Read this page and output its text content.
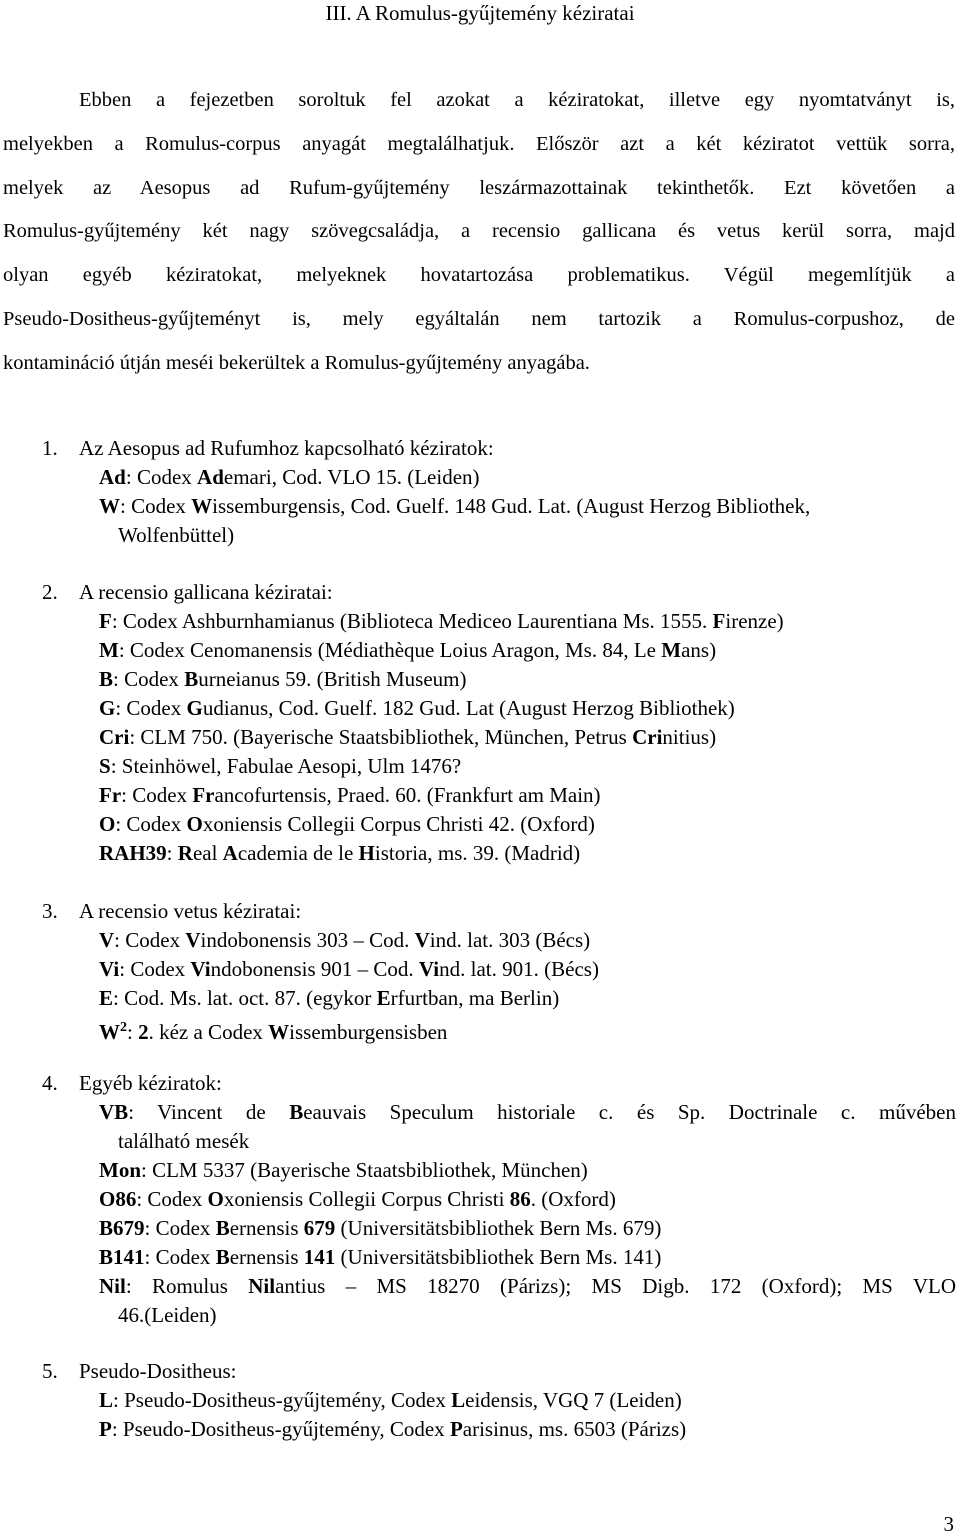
III. A Romulus-gyűjtemény kéziratai
Ebben a fejezetben soroltuk fel azokat a kéziratokat, illetve egy nyomtatványt is,
melyekben a Romulus-corpus anyagát megtalálhatjuk. Először azt a két kéziratot vettük sorra,
melyek az Aesopus ad Rufum-gyűjtemény leszármazottainak tekinthetők. Ezt követően a
Romulus-gyűjtemény két nagy szövegcsaládja, a recensio gallicana és vetus kerül sorra, majd
olyan egyéb kéziratokat, melyeknek hovatartozása problematikus. Végül megemlítjük a
Pseudo-Dositheus-gyűjteményt is, mely egyáltalán nem tartozik a Romulus-corpushoz, de
kontamináció útján meséi bekerültek a Romulus-gyűjtemény anyagába.
1. Az Aesopus ad Rufumhoz kapcsolható kéziratok:
Ad: Codex Ademari, Cod. VLO 15. (Leiden)
W: Codex Wissemburgensis, Cod. Guelf. 148 Gud. Lat. (August Herzog Bibliothek,
Wolfenbüttel)
2. A recensio gallicana kéziratai:
F: Codex Ashburnhamianus (Biblioteca Mediceo Laurentiana Ms. 1555. Firenze)
M: Codex Cenomanensis (Médiathèque Loius Aragon, Ms. 84, Le Mans)
B: Codex Burneianus 59. (British Museum)
G: Codex Gudianus, Cod. Guelf. 182 Gud. Lat (August Herzog Bibliothek)
Cri: CLM 750. (Bayerische Staatsbibliothek, München, Petrus Crinitius)
S: Steinhöwel, Fabulae Aesopi, Ulm 1476?
Fr: Codex Francofurtensis, Praed. 60. (Frankfurt am Main)
O: Codex Oxoniensis Collegii Corpus Christi 42. (Oxford)
RAH39: Real Academia de le Historia, ms. 39. (Madrid)
3. A recensio vetus kéziratai:
V: Codex Vindobonensis 303 – Cod. Vind. lat. 303 (Bécs)
Vi: Codex Vindobonensis 901 – Cod. Vind. lat. 901. (Bécs)
E: Cod. Ms. lat. oct. 87. (egykor Erfurtban, ma Berlin)
$W^2$: 2. kéz a Codex Wissemburgensisben
4. Egyéb kéziratok:
VB: Vincent de Beauvais Speculum historiale c. és Sp. Doctrinale c. művében
található mesék
Mon: CLM 5337 (Bayerische Staatsbibliothek, München)
O86: Codex Oxoniensis Collegii Corpus Christi 86. (Oxford)
B679: Codex Bernensis 679 (Universitätsbibliothek Bern Ms. 679)
B141: Codex Bernensis 141 (Universitätsbibliothek Bern Ms. 141)
Nil: Romulus Nilantius – MS 18270 (Párizs); MS Digb. 172 (Oxford); MS VLO
46.(Leiden)
5. Pseudo-Dositheus:
L: Pseudo-Dositheus-gyűjtemény, Codex Leidensis, VGQ 7 (Leiden)
P: Pseudo-Dositheus-gyűjtemény, Codex Parisinus, ms. 6503 (Párizs)
3
